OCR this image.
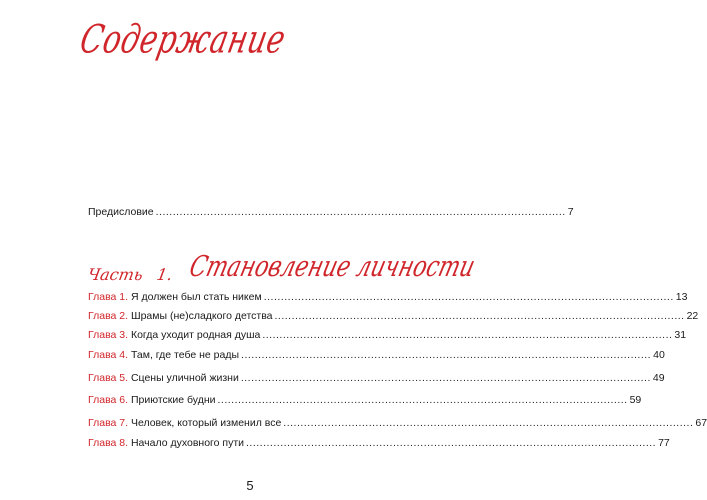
Содержание
Предисловие ........................................................................................................................ 7
Часть 1. Становление личности
Глава 1.
Я должен был стать никем ........................................................................................................................ 13
Глава 2.
Шрамы (не)сладкого детства ........................................................................................................................ 22
Глава 3.
Когда уходит родная душа ........................................................................................................................ 31
Глава 4.
Там, где тебе не рады ........................................................................................................................ 40
Глава 5.
Сцены уличной жизни ........................................................................................................................ 49
Глава 6.
Приютские будни ........................................................................................................................ 59
Глава 7.
Человек, который изменил все ........................................................................................................................ 67
Глава 8.
Начало духовного пути ........................................................................................................................ 77
5
